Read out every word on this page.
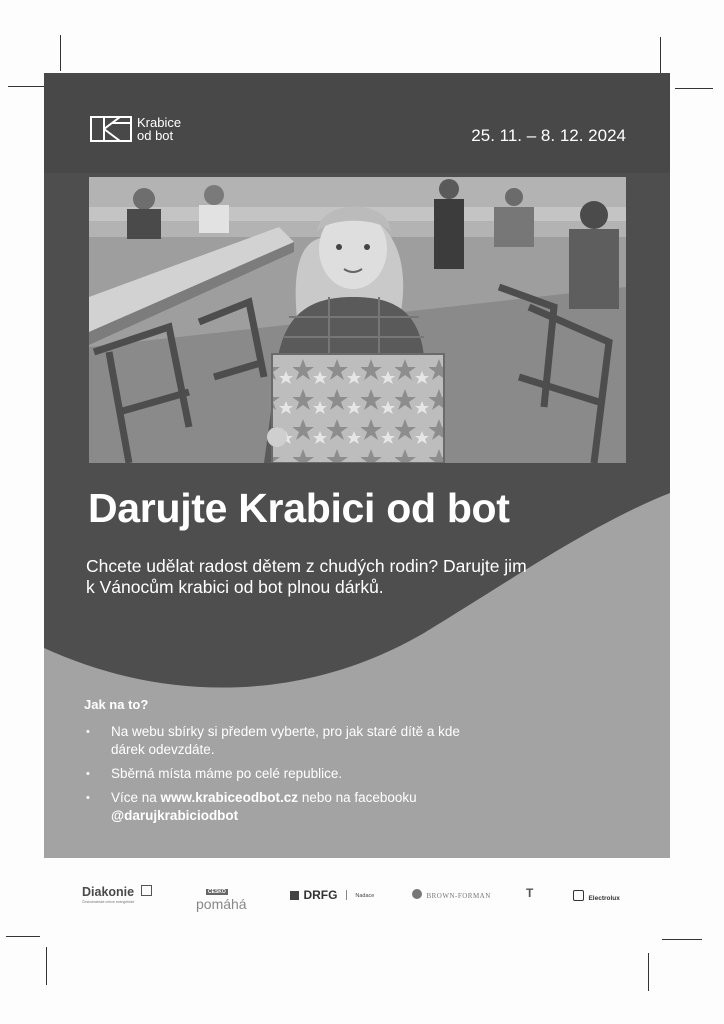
Krabice
od bot	25. 11. – 8. 12. 2024
Darujte Krabici od bot
Chcete udělat radost dětem z chudých rodin? Darujte jim k Vánocům krabici od bot plnou dárků.
Jak na to?
• Na webu sbírky si předem vyberte, pro jak staré dítě a kde dárek odevzdáte.
• Sběrná místa máme po celé republice.
• Více na www.krabiceodbot.cz nebo na facebooku @darujkrabiciodbot
Diakonie
Českobratrské církve evangelické
ČESKO
pomáhá
DRFG	Nadace	BROWN-FORMAN	T	Electrolux
